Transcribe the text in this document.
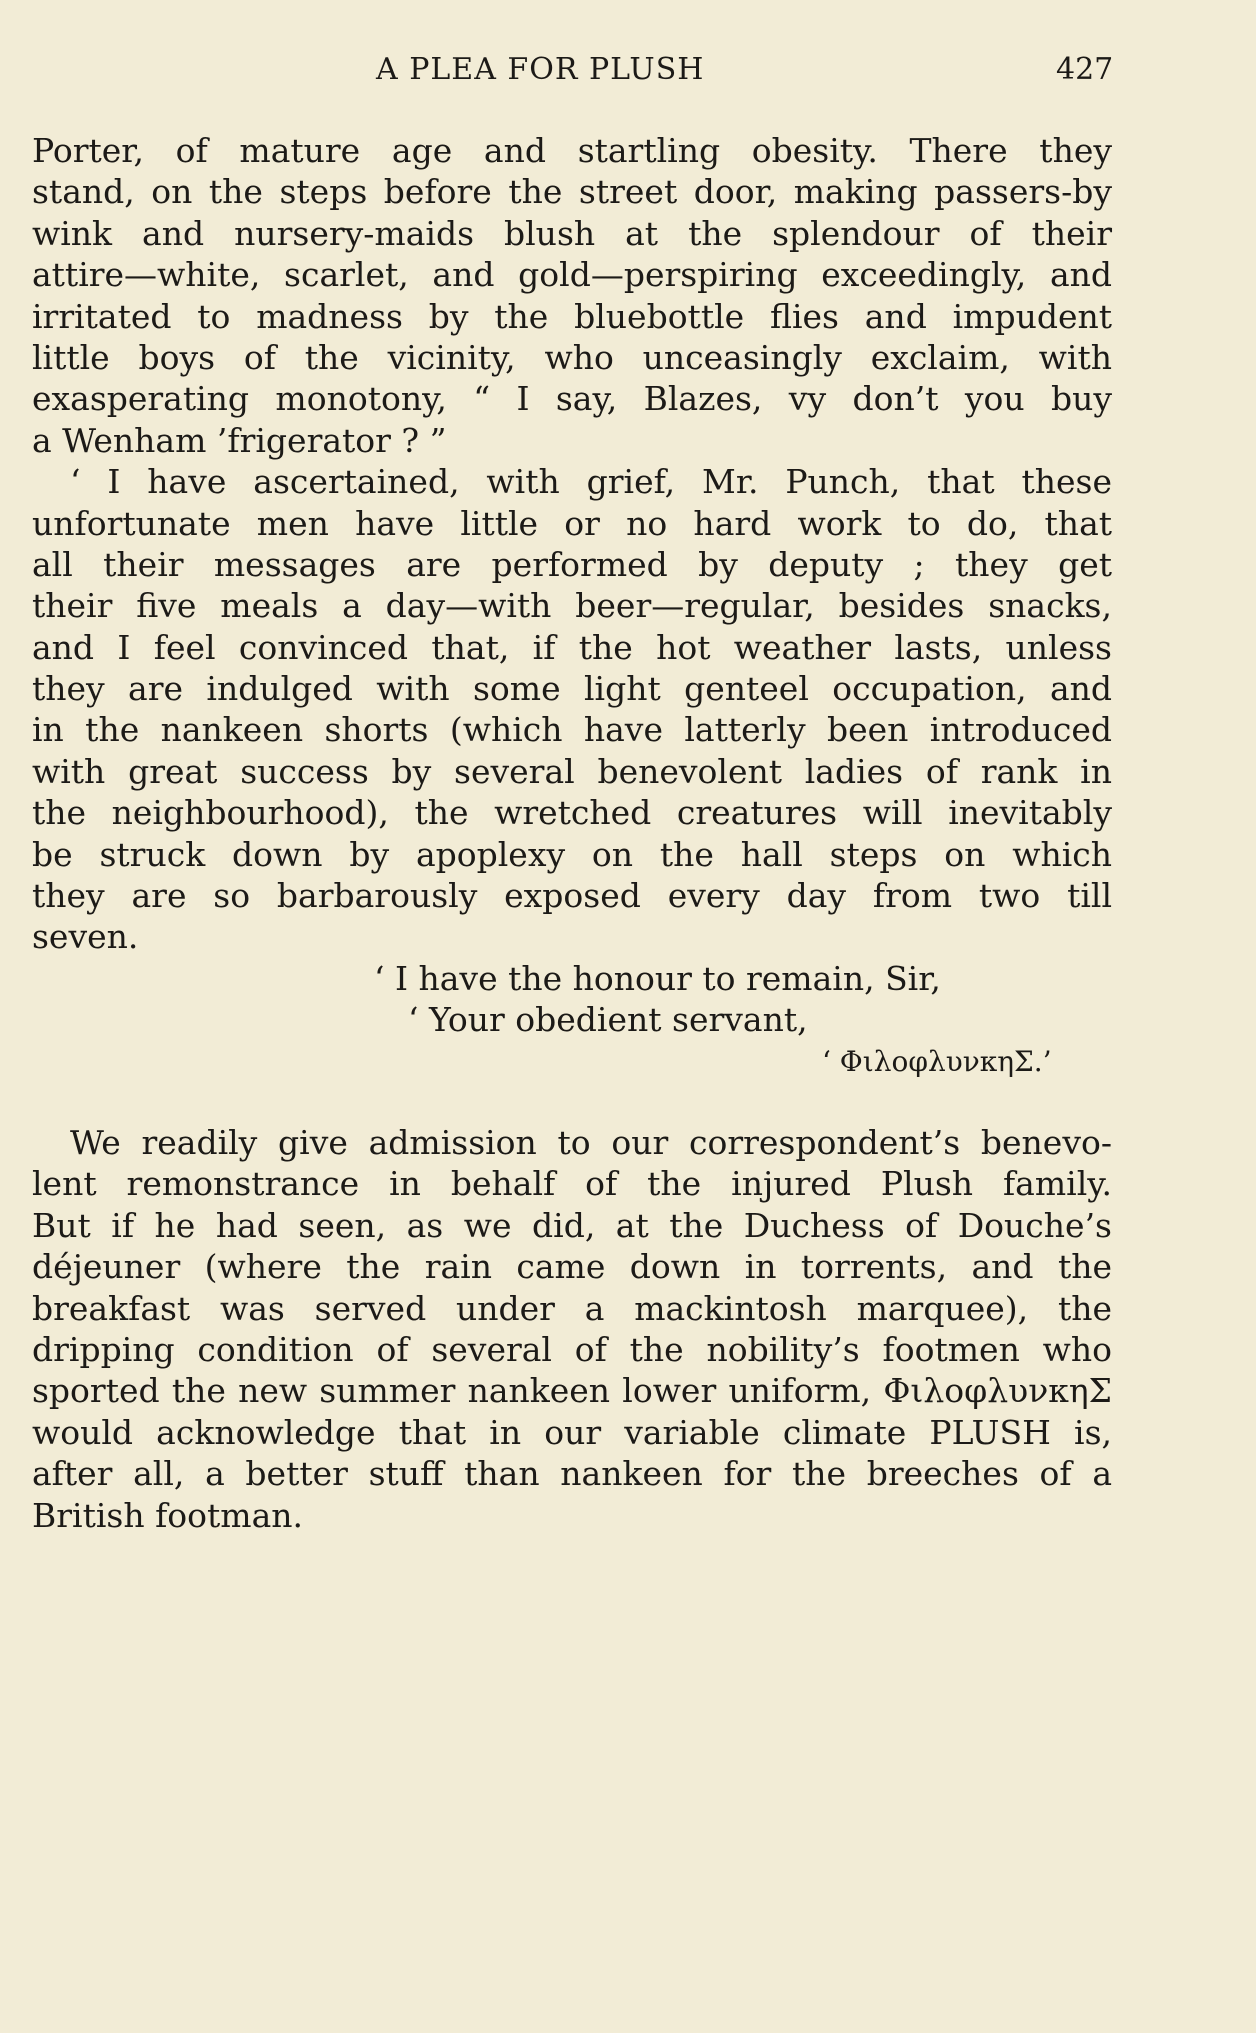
A PLEA FOR PLUSH	427
Porter, of mature age and startling obesity. There they
stand, on the steps before the street door, making passers-by
wink and nursery-maids blush at the splendour of their
attire—white, scarlet, and gold—perspiring exceedingly, and
irritated to madness by the bluebottle flies and impudent
little boys of the vicinity, who unceasingly exclaim, with
exasperating monotony, “ I say, Blazes, vy don’t you buy
a Wenham ’frigerator ? ”
‘ I have ascertained, with grief, Mr. Punch, that these
unfortunate men have little or no hard work to do, that
all their messages are performed by deputy ; they get
their five meals a day—with beer—regular, besides snacks,
and I feel convinced that, if the hot weather lasts, unless
they are indulged with some light genteel occupation, and
in the nankeen shorts (which have latterly been introduced
with great success by several benevolent ladies of rank in
the neighbourhood), the wretched creatures will inevitably
be struck down by apoplexy on the hall steps on which
they are so barbarously exposed every day from two till
seven.
‘ I have the honour to remain, Sir,
‘ Your obedient servant,
‘ ΦιλοφλυνκηΣ.’
We readily give admission to our correspondent’s benevo-
lent remonstrance in behalf of the injured Plush family.
But if he had seen, as we did, at the Duchess of Douche’s
déjeuner (where the rain came down in torrents, and the
breakfast was served under a mackintosh marquee), the
dripping condition of several of the nobility’s footmen who
sported the new summer nankeen lower uniform, ΦιλοφλυνκηΣ
would acknowledge that in our variable climate PLUSH is,
after all, a better stuff than nankeen for the breeches of a
British footman.
